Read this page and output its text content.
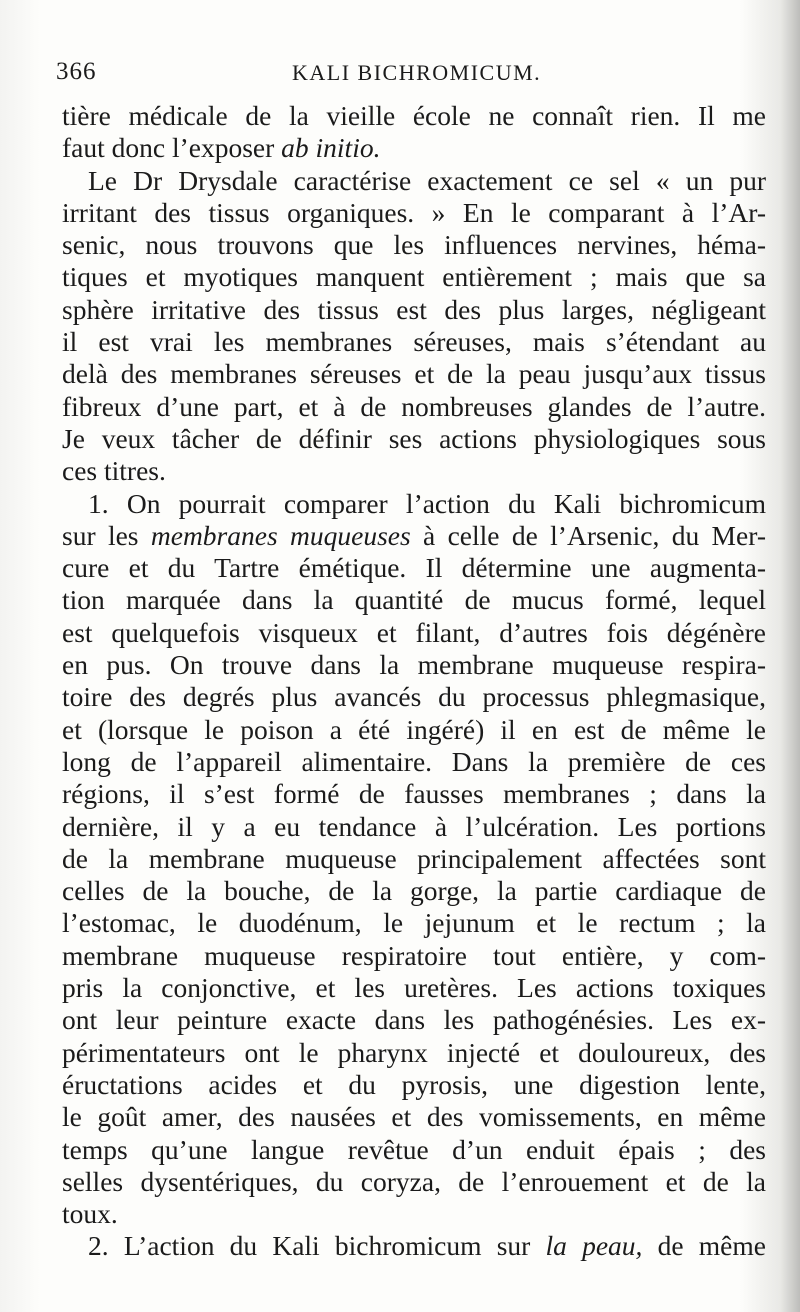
366	KALI BICHROMICUM.
tière médicale de la vieille école ne connaît rien. Il me
faut donc l’exposer ab initio.
Le Dr Drysdale caractérise exactement ce sel « un pur
irritant des tissus organiques. » En le comparant à l’Ar-
senic, nous trouvons que les influences nervines, héma-
tiques et myotiques manquent entièrement ; mais que sa
sphère irritative des tissus est des plus larges, négligeant
il est vrai les membranes séreuses, mais s’étendant au
delà des membranes séreuses et de la peau jusqu’aux tissus
fibreux d’une part, et à de nombreuses glandes de l’autre.
Je veux tâcher de définir ses actions physiologiques sous
ces titres.
1. On pourrait comparer l’action du Kali bichromicum
sur les membranes muqueuses à celle de l’Arsenic, du Mer-
cure et du Tartre émétique. Il détermine une augmenta-
tion marquée dans la quantité de mucus formé, lequel
est quelquefois visqueux et filant, d’autres fois dégénère
en pus. On trouve dans la membrane muqueuse respira-
toire des degrés plus avancés du processus phlegmasique,
et (lorsque le poison a été ingéré) il en est de même le
long de l’appareil alimentaire. Dans la première de ces
régions, il s’est formé de fausses membranes ; dans la
dernière, il y a eu tendance à l’ulcération. Les portions
de la membrane muqueuse principalement affectées sont
celles de la bouche, de la gorge, la partie cardiaque de
l’estomac, le duodénum, le jejunum et le rectum ; la
membrane muqueuse respiratoire tout entière, y com-
pris la conjonctive, et les uretères. Les actions toxiques
ont leur peinture exacte dans les pathogénésies. Les ex-
périmentateurs ont le pharynx injecté et douloureux, des
éructations acides et du pyrosis, une digestion lente,
le goût amer, des nausées et des vomissements, en même
temps qu’une langue revêtue d’un enduit épais ; des
selles dysentériques, du coryza, de l’enrouement et de la
toux.
2. L’action du Kali bichromicum sur la peau, de même
